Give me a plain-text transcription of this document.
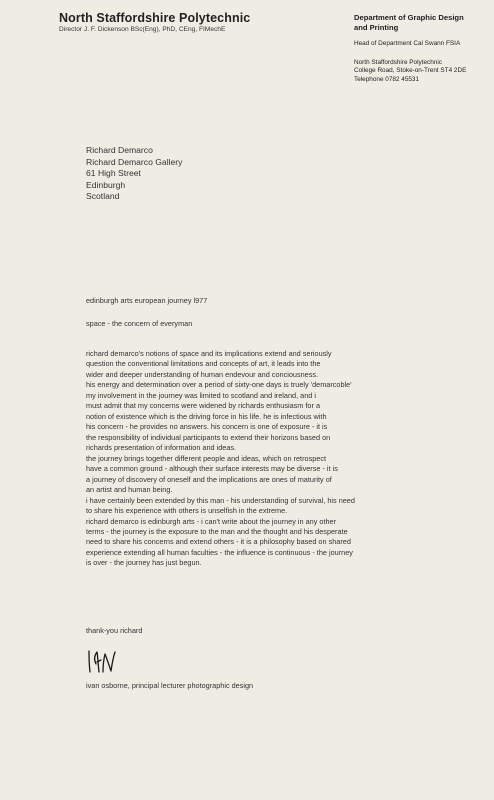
North Staffordshire Polytechnic
Director J. F. Dickenson BSc(Eng), PhD, CEng, FIMechE
Department of Graphic Design
and Printing
Head of Department Cal Swann FSIA
North Staffordshire Polytechnic
College Road, Stoke-on-Trent ST4 2DE
Telephone 0782 45531
Richard Demarco
Richard Demarco Gallery
61 High Street
Edinburgh
Scotland
edinburgh arts european journey l977
space - the concern of everyman
richard demarco's notions of space and its implications extend and seriously
question the conventional limitations and concepts of art, it leads into the
wider and deeper understanding of human endevour and conciousness.
his energy and determination over a period of sixty-one days is truely 'demarcoble'
my involvement in the journey was limited to scotland and ireland, and i
must admit that my concerns were widened by richards enthusiasm for a
notion of existence which is the driving force in his life. he is infectious with
his concern - he provides no answers. his concern is one of exposure - it is
the responsibility of individual participants to extend their horizons based on
richards presentation of information and ideas.
the journey brings together different people and ideas, which on retrospect
have a common ground - although their surface interests may be diverse - it is
a journey of discovery of oneself and the implications are ones of maturity of
an artist and human being.
i have certainly been extended by this man - his understanding of survival, his need
to share his experience with others is unselfish in the extreme.
richard demarco is edinburgh arts - i can't write about the journey in any other
terms - the journey is the exposure to the man and the thought and his desperate
need to share his concerns and extend others - it is a philosophy based on shared
experience extending all human faculties - the influence is continuous - the journey
is over - the journey has just begun.
thank-you richard
ivan osborne, principal lecturer photographic design
